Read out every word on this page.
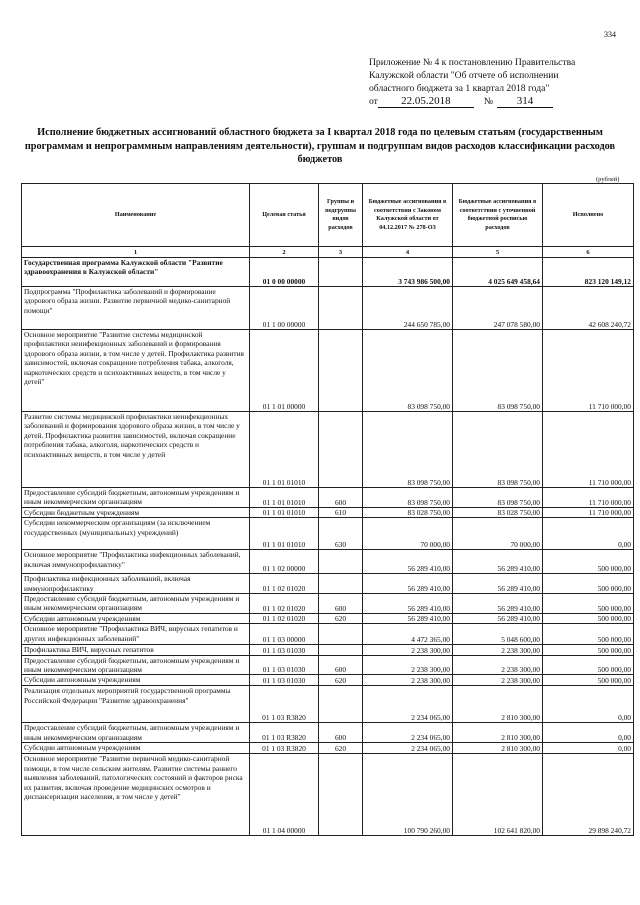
334
Приложение № 4 к постановлению Правительства
Калужской области "Об отчете об исполнении
областного бюджета за 1 квартал 2018 года"
от	22.05.2018	№	314
Исполнение бюджетных ассигнований областного бюджета за I квартал 2018 года по целевым статьям (государственным программам и непрограммным направлениям деятельности), группам и подгруппам видов расходов классификации расходов бюджетов
(рублей)
Наименование	Целевая статья	Группы и подгруппы видов расходов	Бюджетные ассигнования в соответствии с Законом Калужской области от 04.12.2017 № 278-ОЗ	Бюджетные ассигнования в соответствии с уточненной бюджетной росписью расходов	Исполнено
1	2	3	4	5	6
Государственная программа Калужской области "Развитие здравоохранения в Калужской области"	01 0 00 00000		3 743 986 500,00	4 025 649 458,64	823 120 149,12
Подпрограмма "Профилактика заболеваний и формирование здорового образа жизни. Развитие первичной медико-санитарной помощи"	01 1 00 00000		244 650 785,00	247 078 580,00	42 608 240,72
Основное мероприятие "Развитие системы медицинской профилактики неинфекционных заболеваний и формирования здорового образа жизни, в том числе у детей. Профилактика развития зависимостей, включая сокращение потребления табака, алкоголя, наркотических средств и психоактивных веществ, в том числе у детей"	01 1 01 00000		83 098 750,00	83 098 750,00	11 710 000,00
Развитие системы медицинской профилактики неинфекционных заболеваний и формирования здорового образа жизни, в том числе у детей. Профилактика развития зависимостей, включая сокращение потребления табака, алкоголя, наркотических средств и психоактивных веществ, в том числе у детей	01 1 01 01010		83 098 750,00	83 098 750,00	11 710 000,00
Предоставление субсидий бюджетным, автономным учреждениям и иным некоммерческим организациям	01 1 01 01010	600	83 098 750,00	83 098 750,00	11 710 000,00
Субсидии бюджетным учреждениям	01 1 01 01010	610	83 028 750,00	83 028 750,00	11 710 000,00
Субсидии некоммерческим организациям (за исключением государственных (муниципальных) учреждений)	01 1 01 01010	630	70 000,00	70 000,00	0,00
Основное мероприятие "Профилактика инфекционных заболеваний, включая иммунопрофилактику"	01 1 02 00000		56 289 410,00	56 289 410,00	500 000,00
Профилактика инфекционных заболеваний, включая иммунопрофилактику	01 1 02 01020		56 289 410,00	56 289 410,00	500 000,00
Предоставление субсидий бюджетным, автономным учреждениям и иным некоммерческим организациям	01 1 02 01020	600	56 289 410,00	56 289 410,00	500 000,00
Субсидии автономным учреждениям	01 1 02 01020	620	56 289 410,00	56 289 410,00	500 000,00
Основное мероприятие "Профилактика ВИЧ, вирусных гепатитов и других инфекционных заболеваний"	01 1 03 00000		4 472 365,00	5 048 600,00	500 000,00
Профилактика ВИЧ, вирусных гепатитов	01 1 03 01030		2 238 300,00	2 238 300,00	500 000,00
Предоставление субсидий бюджетным, автономным учреждениям и иным некоммерческим организациям	01 1 03 01030	600	2 238 300,00	2 238 300,00	500 000,00
Субсидии автономным учреждениям	01 1 03 01030	620	2 238 300,00	2 238 300,00	500 000,00
Реализация отдельных мероприятий государственной программы Российской Федерации "Развитие здравоохранения"	01 1 03 R3820		2 234 065,00	2 810 300,00	0,00
Предоставление субсидий бюджетным, автономным учреждениям и иным некоммерческим организациям	01 1 03 R3820	600	2 234 065,00	2 810 300,00	0,00
Субсидии автономным учреждениям	01 1 03 R3820	620	2 234 065,00	2 810 300,00	0,00
Основное мероприятие "Развитие первичной медико-санитарной помощи, в том числе сельским жителям. Развитие системы раннего выявления заболеваний, патологических состояний и факторов риска их развития, включая проведение медицинских осмотров и диспансеризации населения, в том числе у детей"	01 1 04 00000		100 790 260,00	102 641 820,00	29 898 240,72
